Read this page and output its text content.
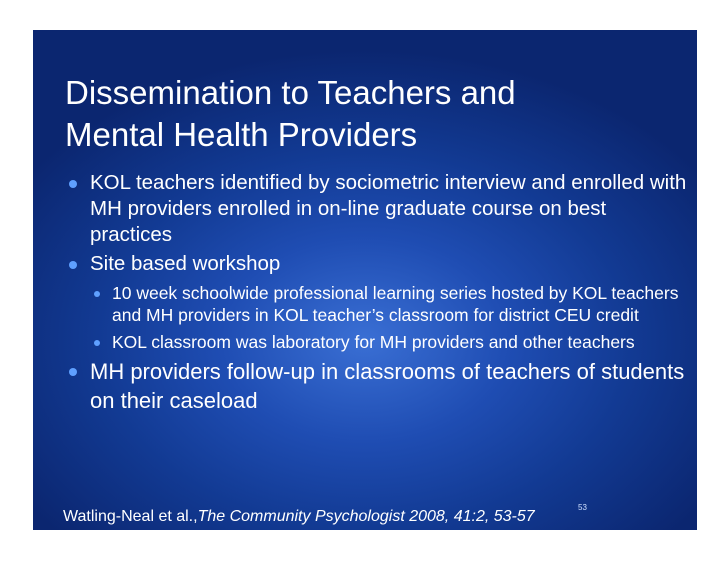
Dissemination to Teachers and
Mental Health Providers
KOL teachers identified by sociometric interview and enrolled with MH providers enrolled in on-line graduate course on best practices
Site based workshop
10 week schoolwide professional learning series hosted by KOL teachers and MH providers in KOL teacher’s classroom for district CEU credit
KOL classroom was laboratory for MH providers and other teachers
MH providers follow-up in classrooms of teachers of students on their caseload
53
Watling-Neal et al.,The Community Psychologist 2008, 41:2, 53-57
